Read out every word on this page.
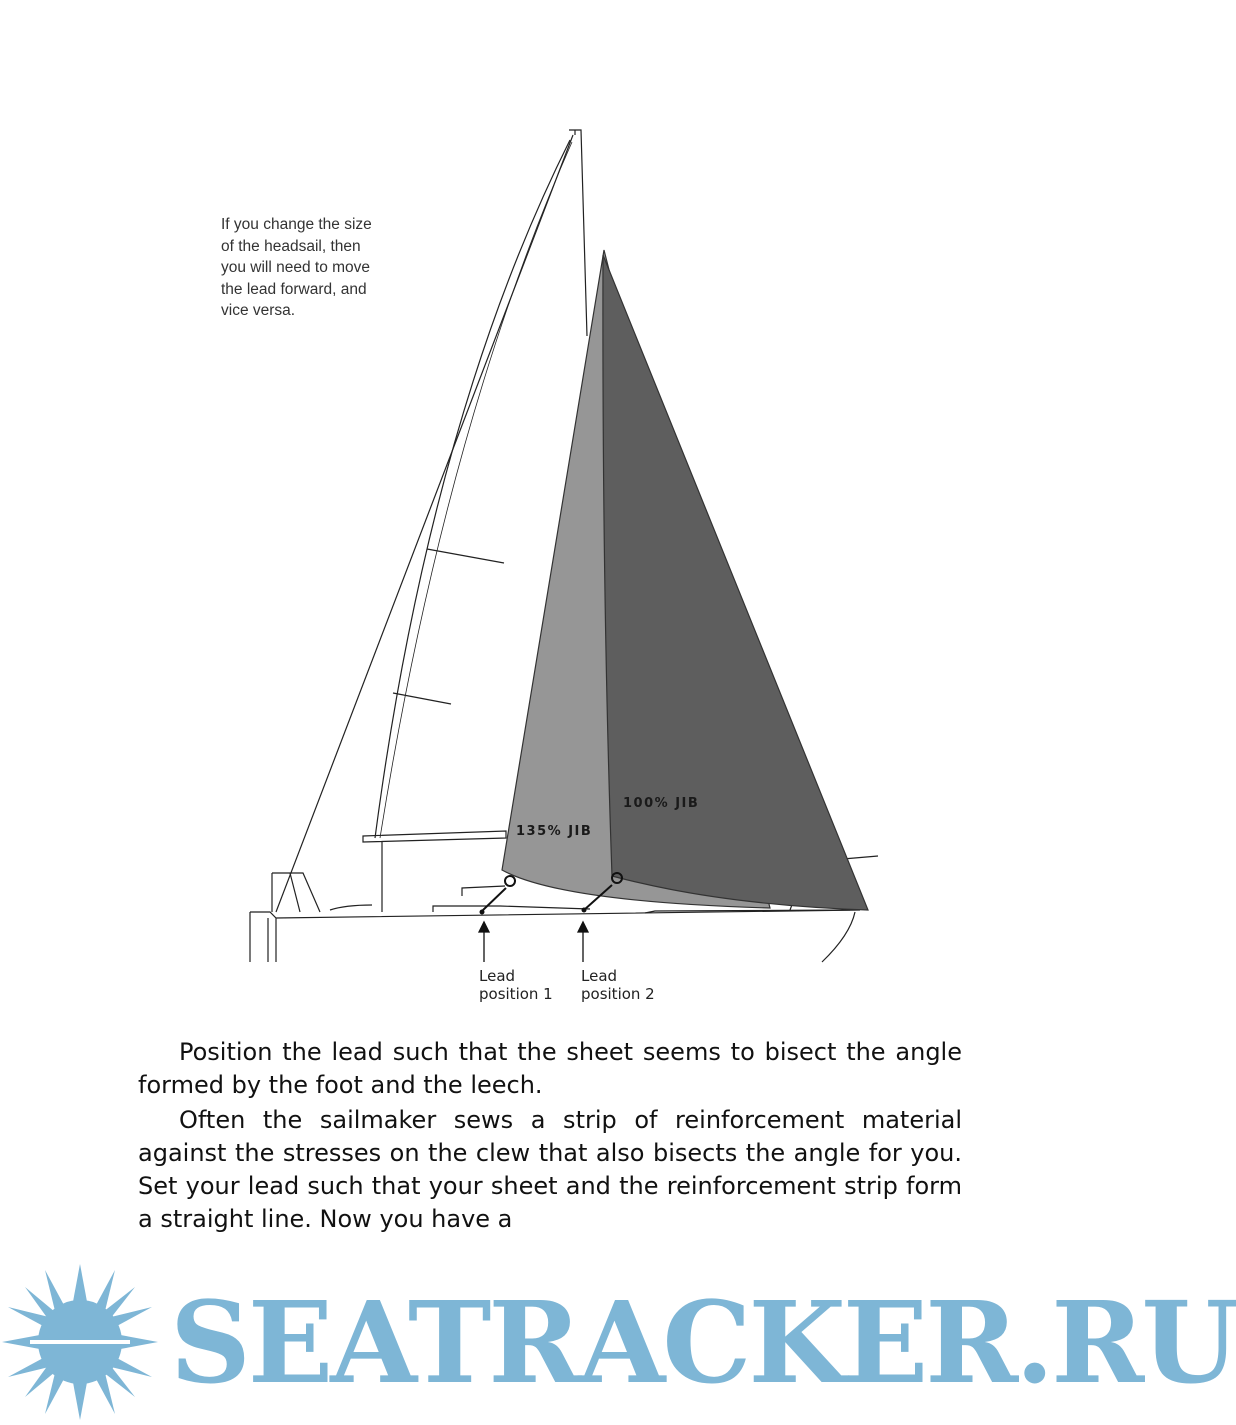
If you change the size
of the headsail, then
you will need to move
the lead forward, and
vice versa.
135% JIB
100% JIB
Lead
position 1
Lead
position 2

Position the lead such that the sheet seems to bisect the angle formed by the foot and the leech.

Often the sailmaker sews a strip of reinforcement material against the stresses on the clew that also bisects the angle for you. Set your lead such that your sheet and the reinforcement strip form a straight line. Now you have a

SEATRACKER.RU
